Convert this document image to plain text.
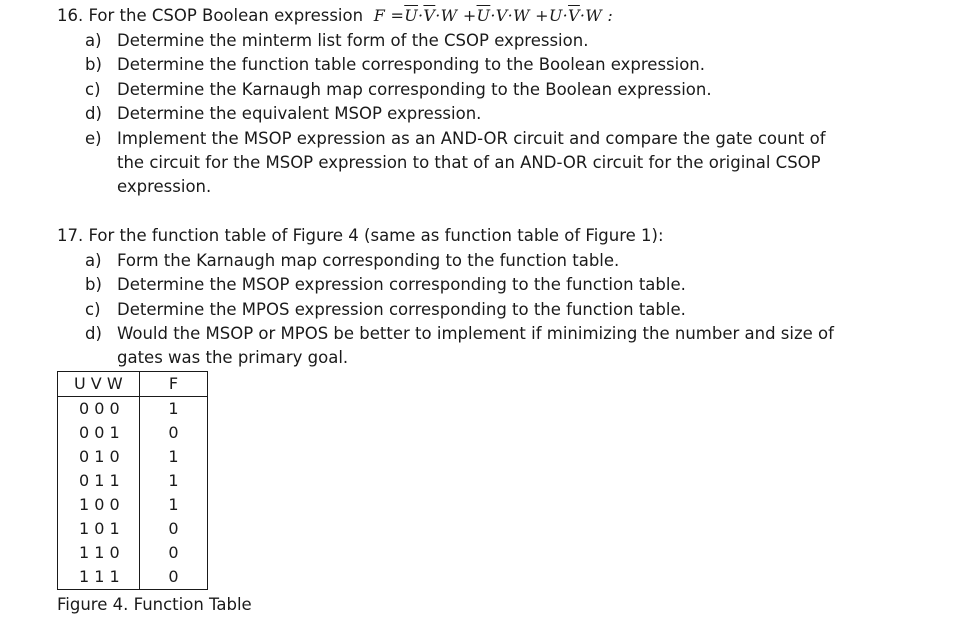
16. For the CSOP Boolean expression $F =\overline{U}\cdot\overline{V}\cdot W +\overline{U}\cdot V\cdot W +U\cdot\overline{V}\cdot W$ :
a) Determine the minterm list form of the CSOP expression.
b) Determine the function table corresponding to the Boolean expression.
c) Determine the Karnaugh map corresponding to the Boolean expression.
d) Determine the equivalent MSOP expression.
e) Implement the MSOP expression as an AND-OR circuit and compare the gate count of
the circuit for the MSOP expression to that of an AND-OR circuit for the original CSOP
expression.
17. For the function table of Figure 4 (same as function table of Figure 1):
a) Form the Karnaugh map corresponding to the function table.
b) Determine the MSOP expression corresponding to the function table.
c) Determine the MPOS expression corresponding to the function table.
d) Would the MSOP or MPOS be better to implement if minimizing the number and size of
gates was the primary goal.
U V W	F
0 0 0	1
0 0 1	0
0 1 0	1
0 1 1	1
1 0 0	1
1 0 1	0
1 1 0	0
1 1 1	0
Figure 4. Function Table
